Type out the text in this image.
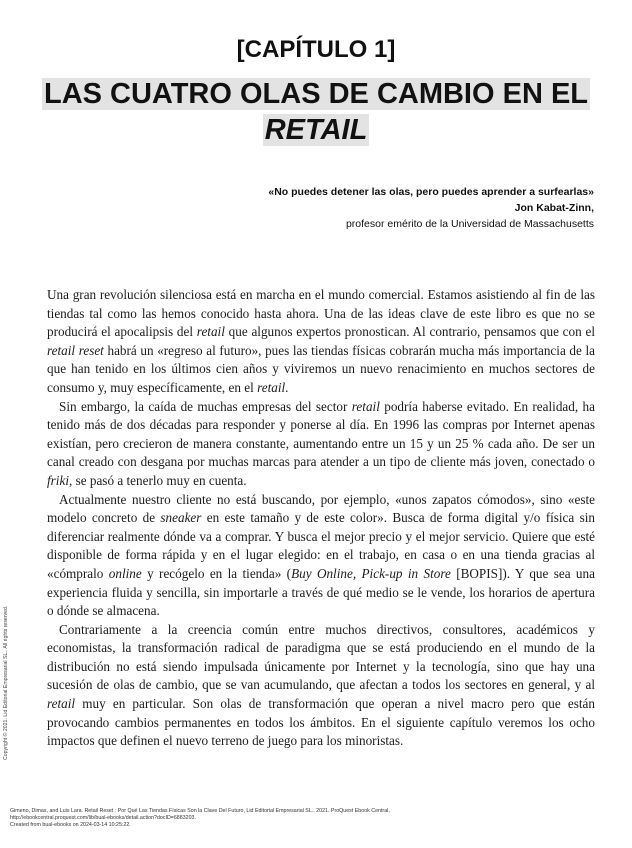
[CAPÍTULO 1]
LAS CUATRO OLAS DE CAMBIO EN EL
RETAIL
«No puedes detener las olas, pero puedes aprender a surfearlas»
Jon Kabat-Zinn,
profesor emérito de la Universidad de Massachusetts

Una gran revolución silenciosa está en marcha en el mundo comercial. Estamos asistiendo al fin de las tiendas tal como las hemos conocido hasta ahora. Una de las ideas clave de este libro es que no se producirá el apocalipsis del retail que algunos expertos pronostican. Al contrario, pensamos que con el retail reset habrá un «regreso al futuro», pues las tiendas físicas cobrarán mucha más importancia de la que han tenido en los últimos cien años y viviremos un nuevo renacimiento en muchos sectores de consumo y, muy específicamente, en el retail.

Sin embargo, la caída de muchas empresas del sector retail podría haberse evitado. En realidad, ha tenido más de dos décadas para responder y ponerse al día. En 1996 las compras por Internet apenas existían, pero crecieron de manera constante, aumentando entre un 15 y un 25 % cada año. De ser un canal creado con desgana por muchas marcas para atender a un tipo de cliente más joven, conectado o friki, se pasó a tenerlo muy en cuenta.

Actualmente nuestro cliente no está buscando, por ejemplo, «unos zapatos cómodos», sino «este modelo concreto de sneaker en este tamaño y de este color». Busca de forma digital y/o física sin diferenciar realmente dónde va a comprar. Y busca el mejor precio y el mejor servicio. Quiere que esté disponible de forma rápida y en el lugar elegido: en el trabajo, en casa o en una tienda gracias al «cómpralo online y recógelo en la tienda» (Buy Online, Pick-up in Store [BOPIS]). Y que sea una experiencia fluida y sencilla, sin importarle a través de qué medio se le vende, los horarios de apertura o dónde se almacena.

Contrariamente a la creencia común entre muchos directivos, consultores, académicos y economistas, la transformación radical de paradigma que se está produciendo en el mundo de la distribución no está siendo impulsada únicamente por Internet y la tecnología, sino que hay una sucesión de olas de cambio, que se van acumulando, que afectan a todos los sectores en general, y al retail muy en particular. Son olas de transformación que operan a nivel macro pero que están provocando cambios permanentes en todos los ámbitos. En el siguiente capítulo veremos los ocho impactos que definen el nuevo terreno de juego para los minoristas.

Copyright © 2021. Lid Editorial Empresarial SL.. All rights reserved.
Gimeno, Dimas, and Luis Lara. Retail Reset : Por Qué Las Tiendas Físicas Son la Clave Del Futuro, Lid Editorial Empresarial SL., 2021. ProQuest Ebook Central,
http://ebookcentral.proquest.com/lib/bual-ebooks/detail.action?docID=6883203.
Created from bual-ebooks on 2024-03-14 10:25:22.
